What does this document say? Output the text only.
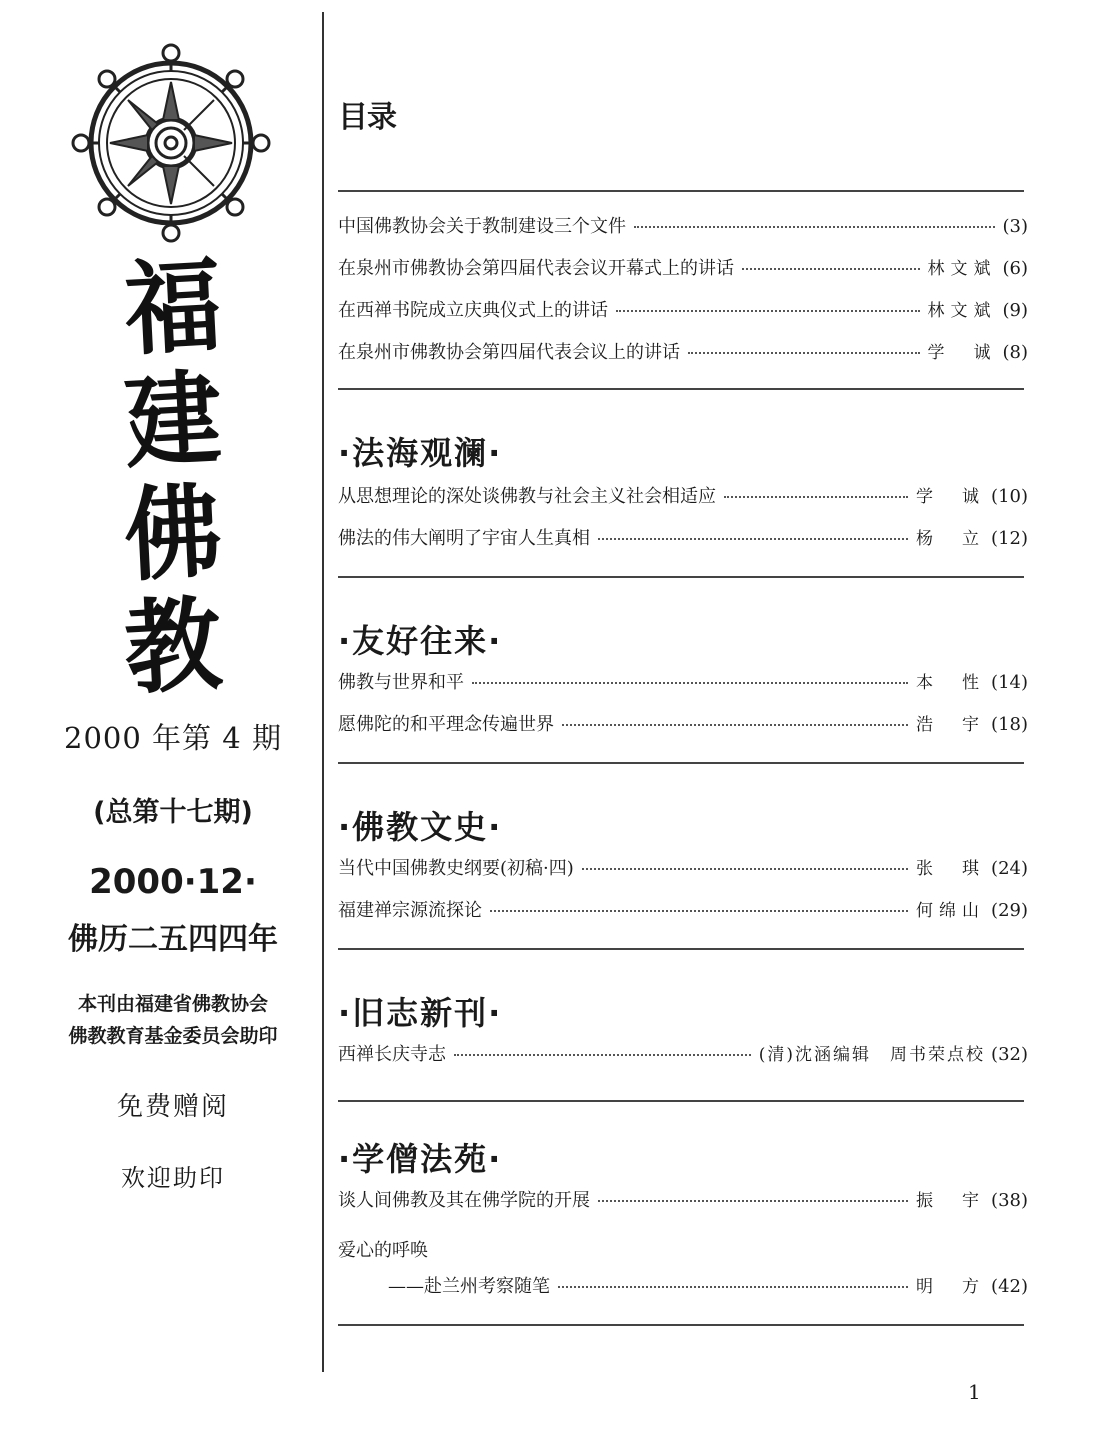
福
建
佛
教
2000 年第 4 期
(总第十七期)
2000·12·
佛历二五四四年
本刊由福建省佛教协会
佛教教育基金委员会助印
免费赠阅
欢迎助印
目录
中国佛教协会关于教制建设三个文件	(3)
在泉州市佛教协会第四届代表会议开幕式上的讲话	林文斌 (6)
在西禅书院成立庆典仪式上的讲话	林文斌 (9)
在泉州市佛教协会第四届代表会议上的讲话	学　诚 (8)
·法海观澜·
从思想理论的深处谈佛教与社会主义社会相适应	学　诚 (10)
佛法的伟大阐明了宇宙人生真相	杨　立 (12)
·友好往来·
佛教与世界和平	本　性 (14)
愿佛陀的和平理念传遍世界	浩　宇 (18)
·佛教文史·
当代中国佛教史纲要(初稿·四)	张　琪 (24)
福建禅宗源流探论	何绵山 (29)
·旧志新刊·
西禅长庆寺志	(清)沈涵编辑　周书荣点校 (32)
·学僧法苑·
谈人间佛教及其在佛学院的开展	振　宇 (38)
爱心的呼唤
——赴兰州考察随笔	明　方 (42)
1
